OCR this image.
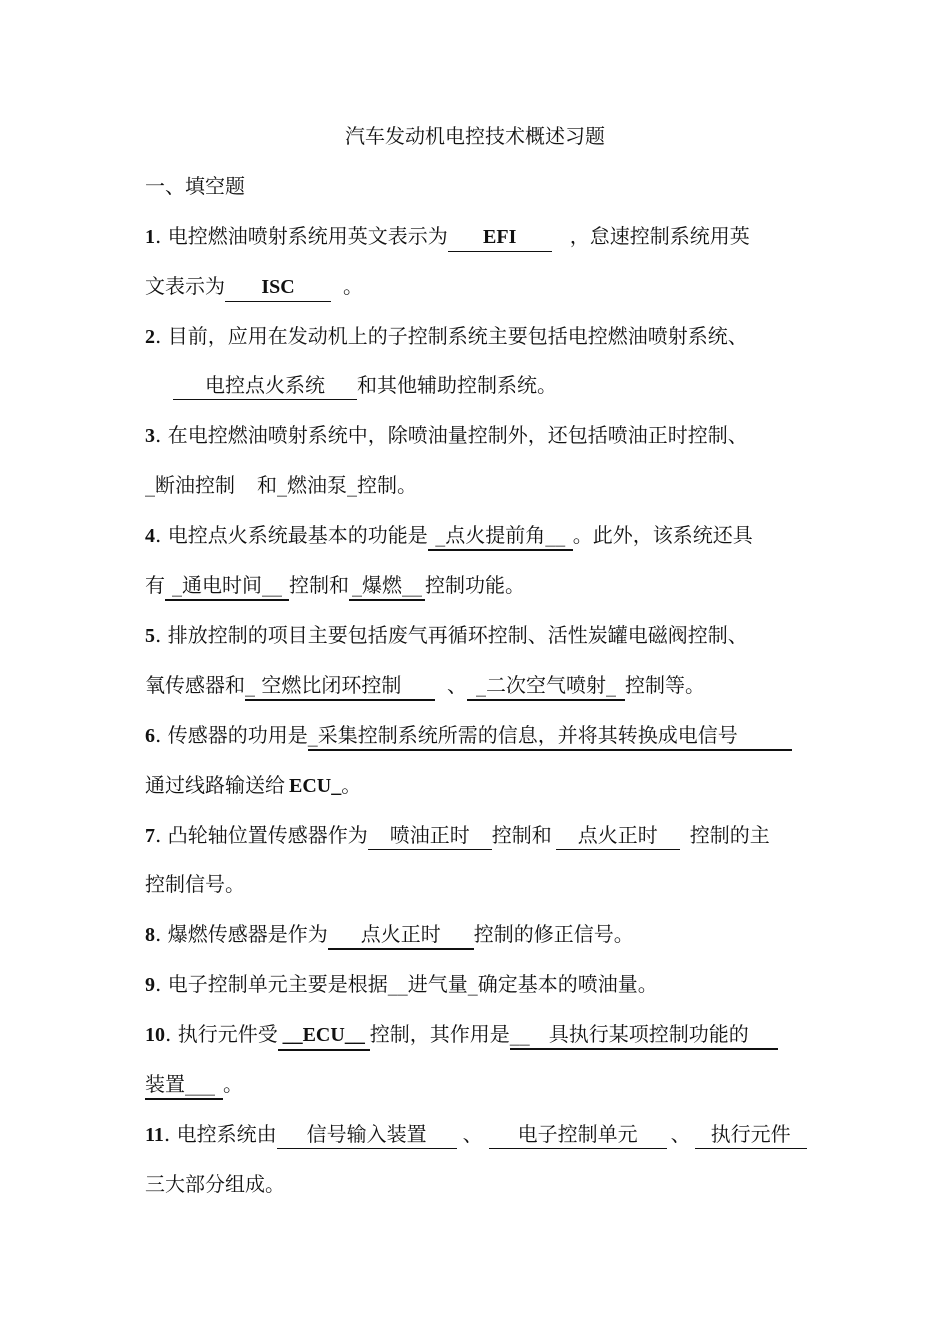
汽车发动机电控技术概述习题
一、填空题
1. 电控燃油喷射系统用英文表示为 EFI	，怠速控制系统用英
文表示为 ISC 。
2. 目前，应用在发动机上的子控制系统主要包括电控燃油喷射系统、
电控点火系统 和其他辅助控制系统。
3. 在电控燃油喷射系统中，除喷油量控制外，还包括喷油正时控制、
_断油控制 和_燃油泵_控制。
4. 电控点火系统最基本的功能是 _点火提前角__ 。此外，该系统还具
有 _通电时间__ 控制和 _爆燃__ 控制功能。
5. 排放控制的项目主要包括废气再循环控制、活性炭罐电磁阀控制、
氧传感器和_ 空燃比闭环控制 、 _二次空气喷射_ 控制等。
6. 传感器的功用是_采集控制系统所需的信息，并将其转换成电信号
通过线路输送给 ECU_。
7. 凸轮轴位置传感器作为 喷油正时 控制和 点火正时 控制的主
控制信号。
8. 爆燃传感器是作为 点火正时 控制的修正信号。
9. 电子控制单元主要是根据__进气量_确定基本的喷油量。
10. 执行元件受 __ECU__ 控制，其作用是__   具执行某项控制功能的
装置___ 。
11. 电控系统由 信号输入装置 、 电子控制单元 、 执行元件
三大部分组成。
